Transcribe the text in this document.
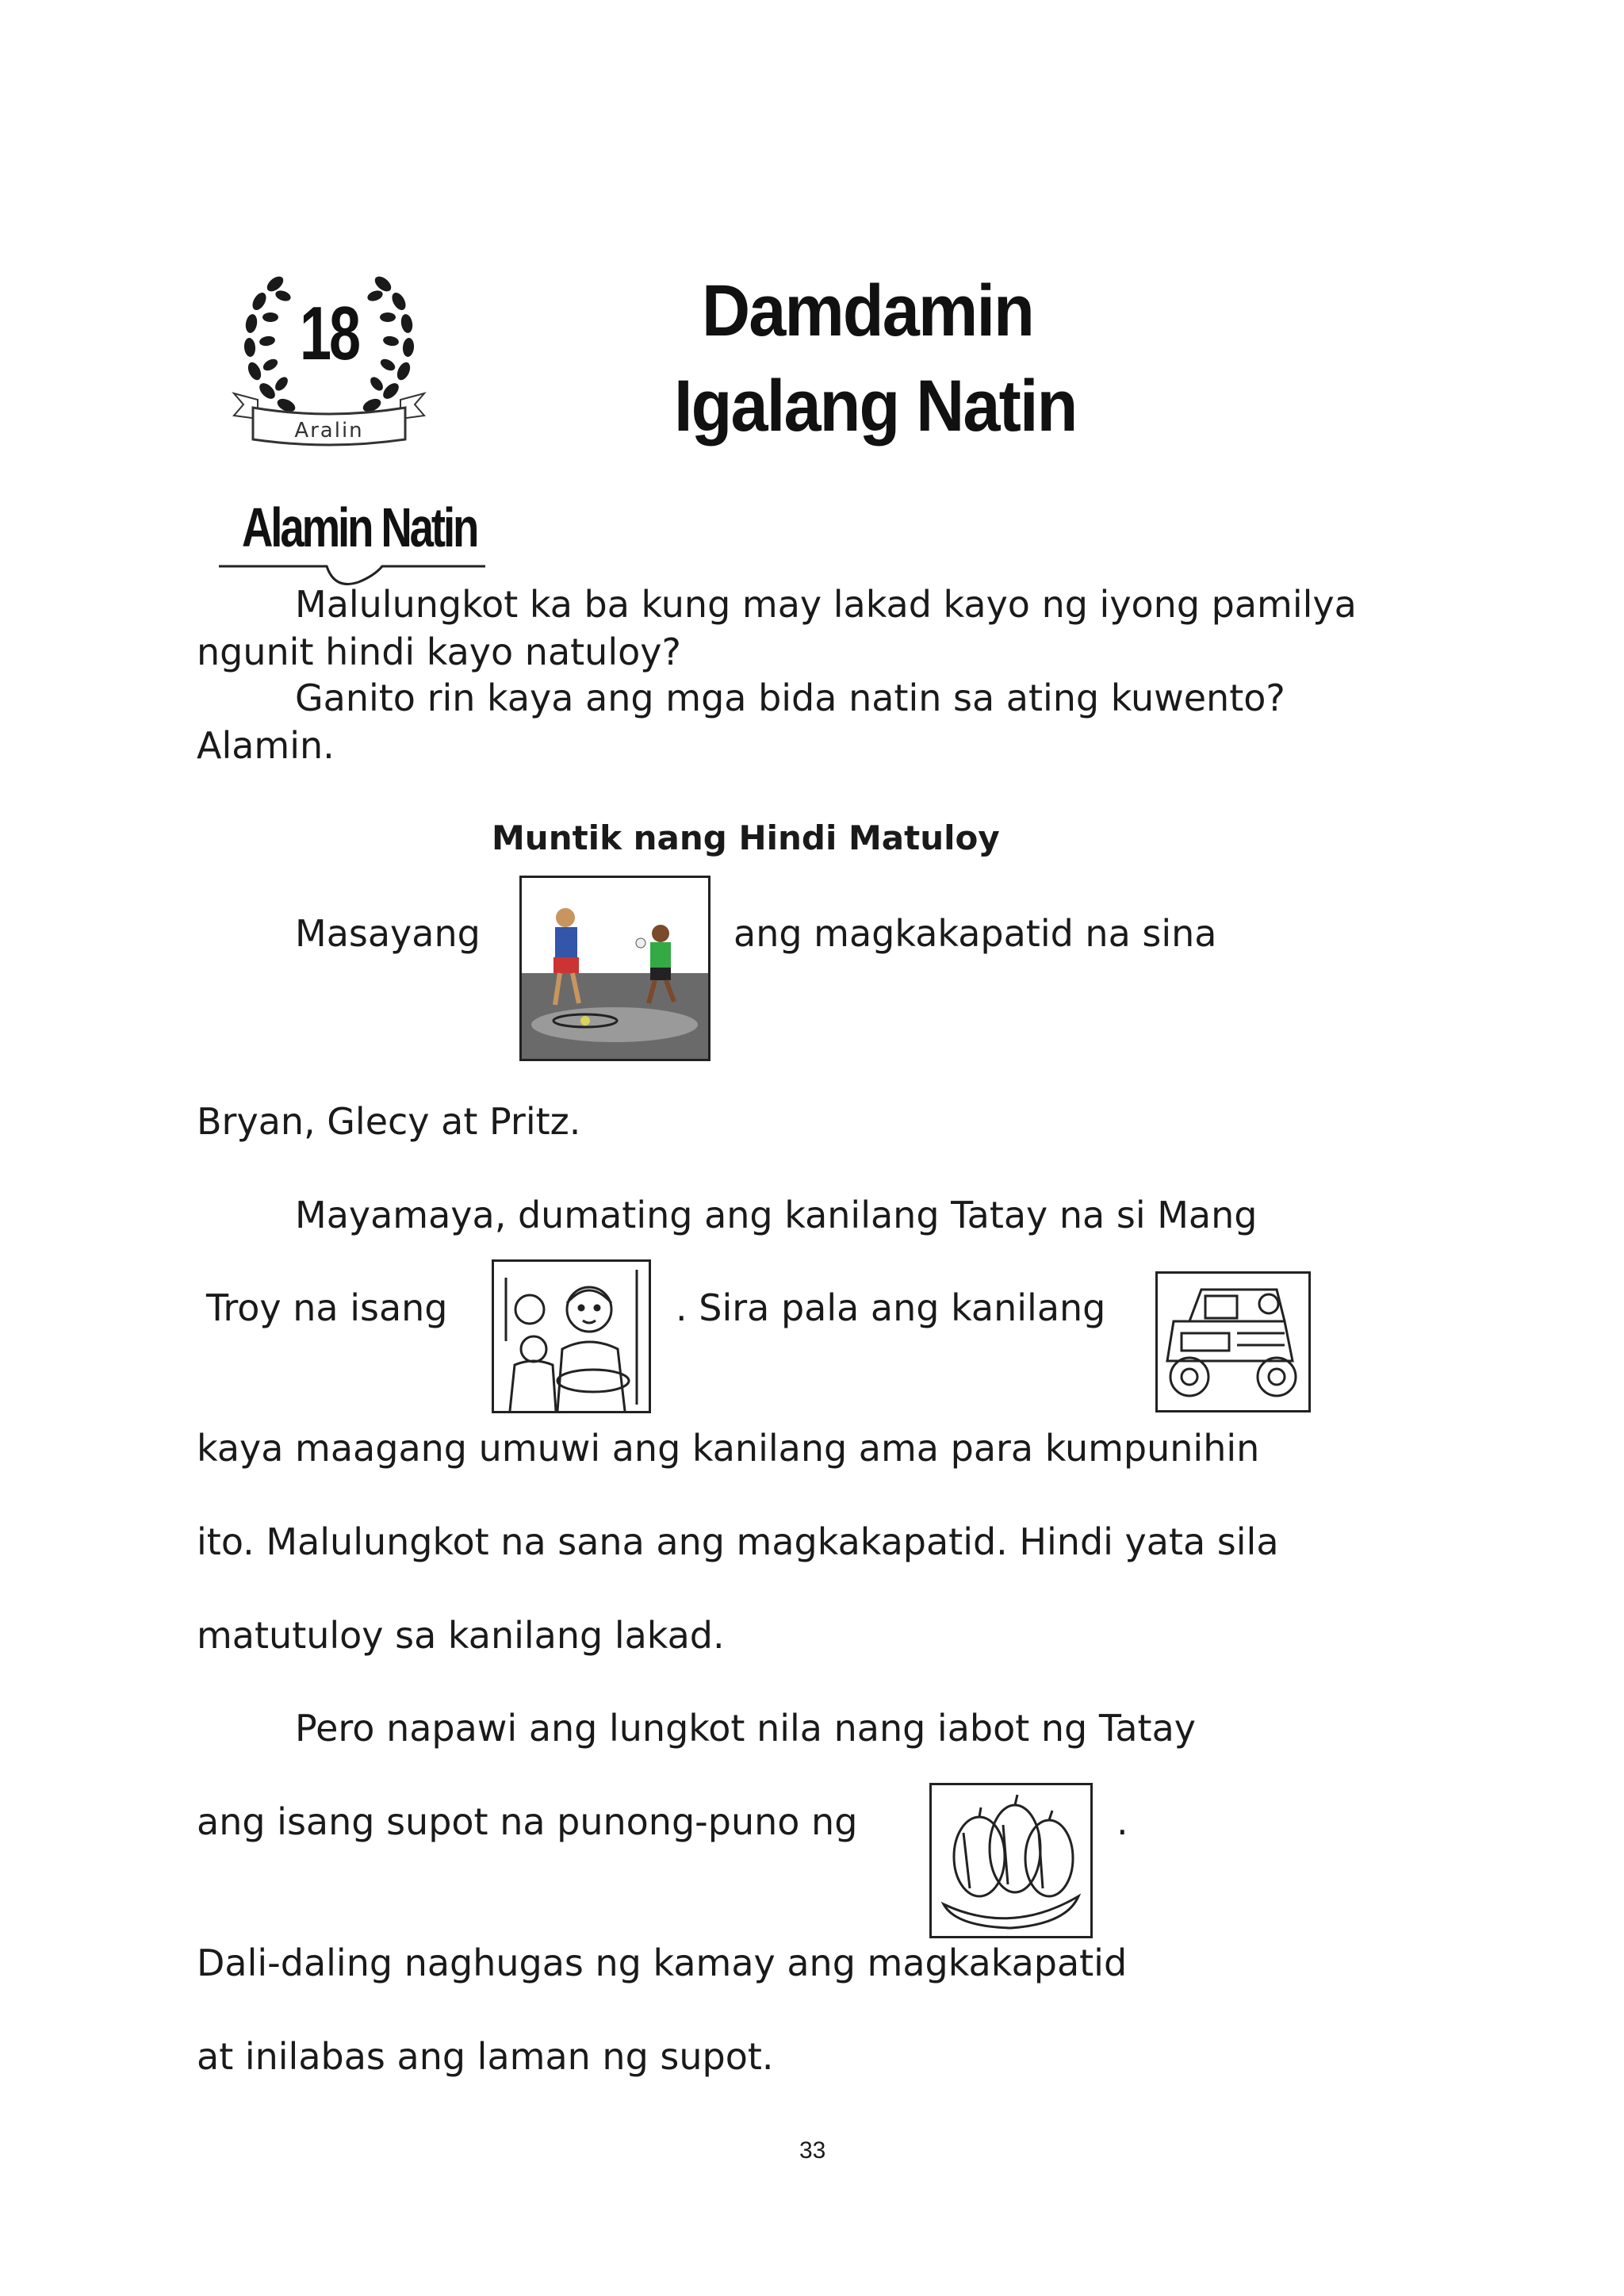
18
Aralin
Damdamin
Igalang Natin
Alamin Natin
Malulungkot ka ba kung may lakad kayo ng iyong pamilya
ngunit hindi kayo natuloy?
Ganito rin kaya ang mga bida natin sa ating kuwento?
Alamin.
Muntik nang Hindi Matuloy
Masayang	ang magkakapatid na sina
Bryan, Glecy at Pritz.
Mayamaya, dumating ang kanilang Tatay na si Mang
Troy na isang	. Sira pala ang kanilang
kaya maagang umuwi ang kanilang ama para kumpunihin
ito. Malulungkot na sana ang magkakapatid. Hindi yata sila
matutuloy sa kanilang lakad.
Pero napawi ang lungkot nila nang iabot ng Tatay
ang isang supot na punong-puno ng	.
Dali-daling naghugas ng kamay ang magkakapatid
at inilabas ang laman ng supot.
33
